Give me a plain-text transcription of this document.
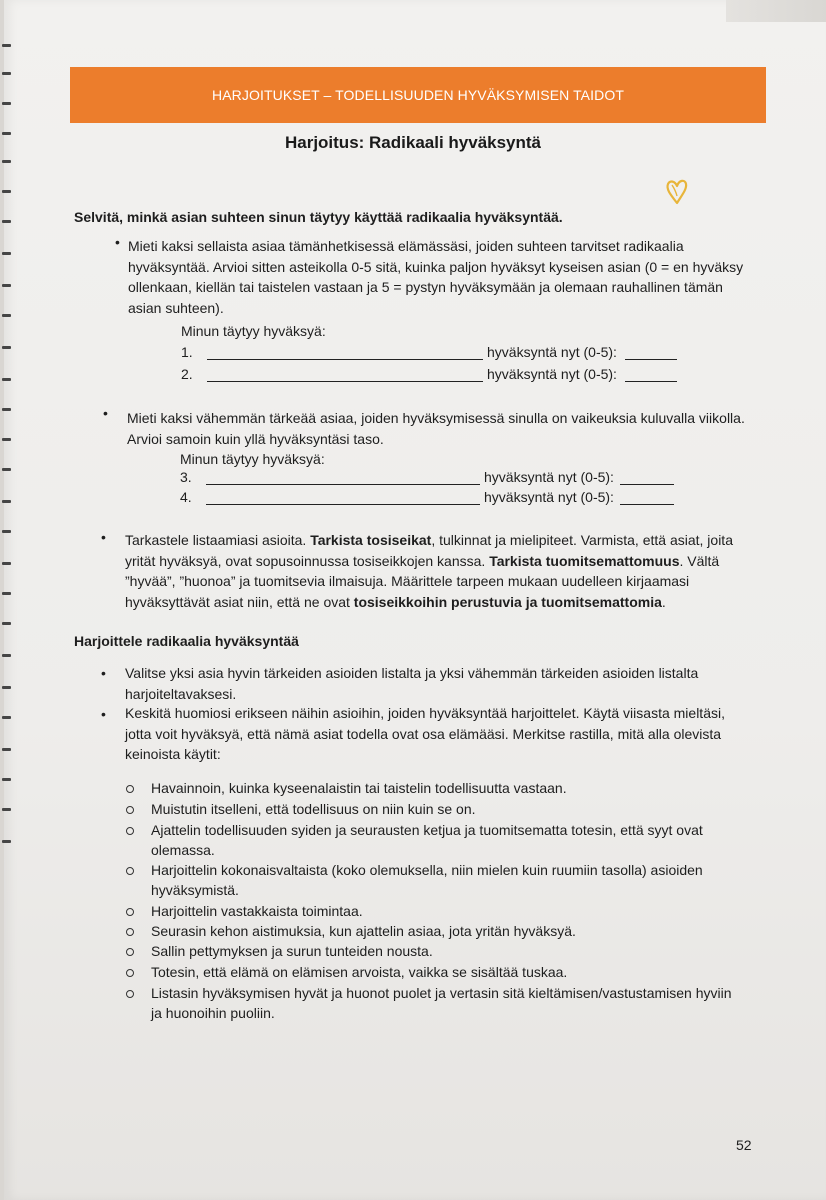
HARJOITUKSET – TODELLISUUDEN HYVÄKSYMISEN TAIDOT
Harjoitus: Radikaali hyväksyntä
Selvitä, minkä asian suhteen sinun täytyy käyttää radikaalia hyväksyntää.
• Mieti kaksi sellaista asiaa tämänhetkisessä elämässäsi, joiden suhteen tarvitset radikaalia

hyväksyntää. Arvioi sitten asteikolla 0-5 sitä, kuinka paljon hyväksyt kyseisen asian (0 = en hyväksy

ollenkaan, kiellän tai taistelen vastaan ja 5 = pystyn hyväksymään ja olemaan rauhallinen tämän

asian suhteen).

Minun täytyy hyväksyä:
1.	hyväksyntä nyt (0-5):
2.	hyväksyntä nyt (0-5):
• Mieti kaksi vähemmän tärkeää asiaa, joiden hyväksymisessä sinulla on vaikeuksia kuluvalla viikolla.

Arvioi samoin kuin yllä hyväksyntäsi taso.

Minun täytyy hyväksyä:
3.	hyväksyntä nyt (0-5):
4.	hyväksyntä nyt (0-5):
• Tarkastele listaamiasi asioita. Tarkista tosiseikat, tulkinnat ja mielipiteet. Varmista, että asiat, joita

yrität hyväksyä, ovat sopusoinnussa tosiseikkojen kanssa. Tarkista tuomitsemattomuus. Vältä

”hyvää”, ”huonoa” ja tuomitsevia ilmaisuja. Määrittele tarpeen mukaan uudelleen kirjaamasi

hyväksyttävät asiat niin, että ne ovat tosiseikkoihin perustuvia ja tuomitsemattomia.

Harjoittele radikaalia hyväksyntää
• Valitse yksi asia hyvin tärkeiden asioiden listalta ja yksi vähemmän tärkeiden asioiden listalta

harjoiteltavaksesi.

• Keskitä huomiosi erikseen näihin asioihin, joiden hyväksyntää harjoittelet. Käytä viisasta mieltäsi,

jotta voit hyväksyä, että nämä asiat todella ovat osa elämääsi. Merkitse rastilla, mitä alla olevista

keinoista käytit:

Havainnoin, kuinka kyseenalaistin tai taistelin todellisuutta vastaan.

Muistutin itselleni, että todellisuus on niin kuin se on.

Ajattelin todellisuuden syiden ja seurausten ketjua ja tuomitsematta totesin, että syyt ovat

olemassa.

Harjoittelin kokonaisvaltaista (koko olemuksella, niin mielen kuin ruumiin tasolla) asioiden

hyväksymistä.

Harjoittelin vastakkaista toimintaa.

Seurasin kehon aistimuksia, kun ajattelin asiaa, jota yritän hyväksyä.

Sallin pettymyksen ja surun tunteiden nousta.

Totesin, että elämä on elämisen arvoista, vaikka se sisältää tuskaa.

Listasin hyväksymisen hyvät ja huonot puolet ja vertasin sitä kieltämisen/vastustamisen hyviin

ja huonoihin puoliin.

52
